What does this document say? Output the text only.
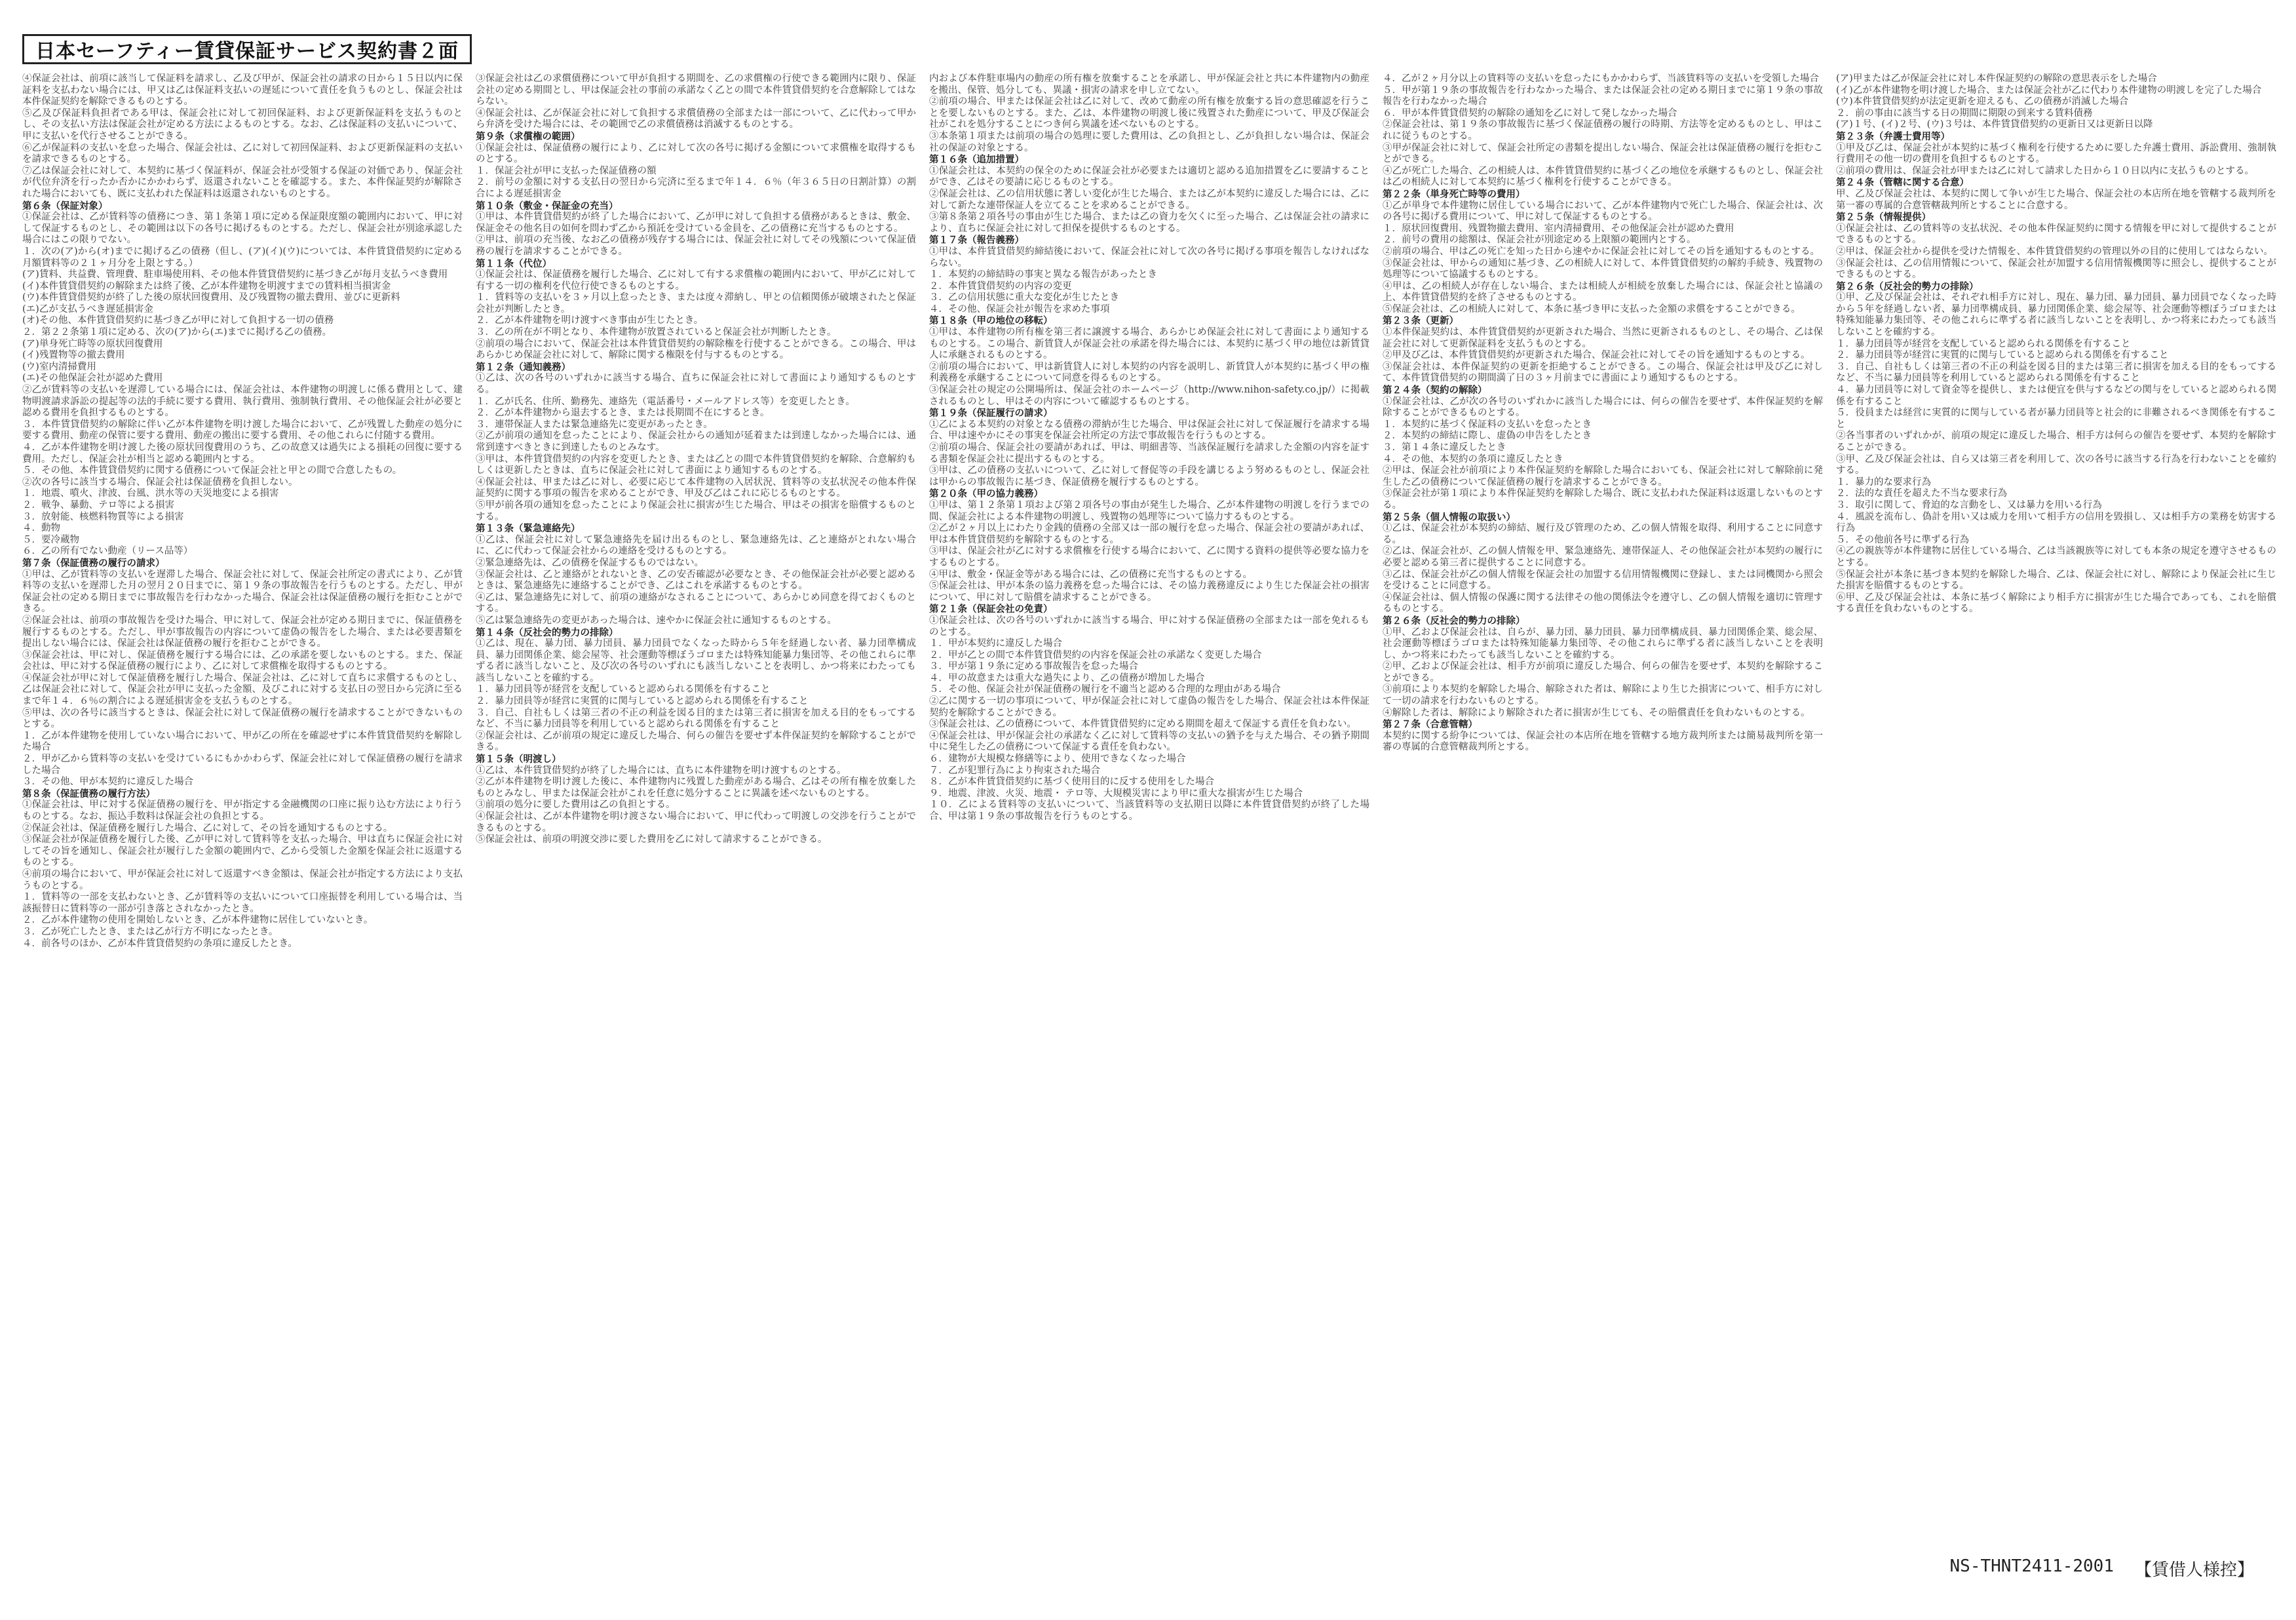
日本セーフティー賃貸保証サービス契約書２面

④保証会社は、前項に該当して保証料を請求し、乙及び甲が、保証会社の請求の日から１５日以内に保証料を支払わない場合には、甲又は乙は保証料支払いの遅延について責任を負うものとし、保証会社は本件保証契約を解除できるものとする。

⑤乙及び保証料負担者である甲は、保証会社に対して初回保証料、および更新保証料を支払うものとし、その支払い方法は保証会社が定める方法によるものとする。なお、乙は保証料の支払いについて、甲に支払いを代行させることができる。

⑥乙が保証料の支払いを怠った場合、保証会社は、乙に対して初回保証料、および更新保証料の支払いを請求できるものとする。

⑦乙は保証会社に対して、本契約に基づく保証料が、保証会社が受領する保証の対価であり、保証会社が代位弁済を行ったか否かにかかわらず、返還されないことを確認する。また、本件保証契約が解除された場合においても、既に支払われた保証料は返還されないものとする。

第６条（保証対象）

①保証会社は、乙が賃料等の債務につき、第１条第１項に定める保証限度額の範囲内において、甲に対して保証するものとし、その範囲は以下の各号に掲げるものとする。ただし、保証会社が別途承認した場合にはこの限りでない。

１．次の(ア)から(オ)までに掲げる乙の債務（但し、(ア)(イ)(ウ)については、本件賃貸借契約に定める月額賃料等の２１ヶ月分を上限とする。）

(ア)賃料、共益費、管理費、駐車場使用料、その他本件賃貸借契約に基づき乙が毎月支払うべき費用

(イ)本件賃貸借契約の解除または終了後、乙が本件建物を明渡すまでの賃料相当損害金

(ウ)本件賃貸借契約が終了した後の原状回復費用、及び残置物の撤去費用、並びに更新料

(エ)乙が支払うべき遅延損害金

(オ)その他、本件賃貸借契約に基づき乙が甲に対して負担する一切の債務

２．第２２条第１項に定める、次の(ア)から(エ)までに掲げる乙の債務。

(ア)単身死亡時等の原状回復費用

(イ)残置物等の撤去費用

(ウ)室内清掃費用

(エ)その他保証会社が認めた費用

②乙が賃料等の支払いを遅滞している場合には、保証会社は、本件建物の明渡しに係る費用として、建物明渡請求訴訟の提起等の法的手続に要する費用、執行費用、強制執行費用、その他保証会社が必要と認める費用を負担するものとする。

３．本件賃貸借契約の解除に伴い乙が本件建物を明け渡した場合において、乙が残置した動産の処分に要する費用、動産の保管に要する費用、動産の搬出に要する費用、その他これらに付随する費用。

４．乙が本件建物を明け渡した後の原状回復費用のうち、乙の故意又は過失による損耗の回復に要する費用。ただし、保証会社が相当と認める範囲内とする。

５．その他、本件賃貸借契約に関する債務について保証会社と甲との間で合意したもの。

②次の各号に該当する場合、保証会社は保証債務を負担しない。

１．地震、噴火、津波、台風、洪水等の天災地変による損害

２．戦争、暴動、テロ等による損害

３．放射能、核燃料物質等による損害

４．動物

５．要冷蔵物

６．乙の所有でない動産（リース品等）

第７条（保証債務の履行の請求）

①甲は、乙が賃料等の支払いを遅滞した場合、保証会社に対して、保証会社所定の書式により、乙が賃料等の支払いを遅滞した月の翌月２０日までに、第１９条の事故報告を行うものとする。ただし、甲が保証会社の定める期日までに事故報告を行わなかった場合、保証会社は保証債務の履行を拒むことができる。

②保証会社は、前項の事故報告を受けた場合、甲に対して、保証会社が定める期日までに、保証債務を履行するものとする。ただし、甲が事故報告の内容について虚偽の報告をした場合、または必要書類を提出しない場合には、保証会社は保証債務の履行を拒むことができる。

③保証会社は、甲に対し、保証債務を履行する場合には、乙の承諾を要しないものとする。また、保証会社は、甲に対する保証債務の履行により、乙に対して求償権を取得するものとする。

④保証会社が甲に対して保証債務を履行した場合、保証会社は、乙に対して直ちに求償するものとし、乙は保証会社に対して、保証会社が甲に支払った金額、及びこれに対する支払日の翌日から完済に至るまで年１４．６％の割合による遅延損害金を支払うものとする。

⑤甲は、次の各号に該当するときは、保証会社に対して保証債務の履行を請求することができないものとする。

１．乙が本件建物を使用していない場合において、甲が乙の所在を確認せずに本件賃貸借契約を解除した場合

２．甲が乙から賃料等の支払いを受けているにもかかわらず、保証会社に対して保証債務の履行を請求した場合

３．その他、甲が本契約に違反した場合

第８条（保証債務の履行方法）

①保証会社は、甲に対する保証債務の履行を、甲が指定する金融機関の口座に振り込む方法により行うものとする。なお、振込手数料は保証会社の負担とする。

②保証会社は、保証債務を履行した場合、乙に対して、その旨を通知するものとする。

③保証会社が保証債務を履行した後、乙が甲に対して賃料等を支払った場合、甲は直ちに保証会社に対してその旨を通知し、保証会社が履行した金額の範囲内で、乙から受領した金額を保証会社に返還するものとする。

④前項の場合において、甲が保証会社に対して返還すべき金額は、保証会社が指定する方法により支払うものとする。

１．賃料等の一部を支払わないとき、乙が賃料等の支払いについて口座振替を利用している場合は、当該振替日に賃料等の一部が引き落とされなかったとき。

２．乙が本件建物の使用を開始しないとき、乙が本件建物に居住していないとき。

３．乙が死亡したとき、または乙が行方不明になったとき。

４．前各号のほか、乙が本件賃貸借契約の条項に違反したとき。

③保証会社は乙の求償債務について甲が負担する期間を、乙の求償権の行使できる範囲内に限り、保証会社の定める期間とし、甲は保証会社の事前の承諾なく乙との間で本件賃貸借契約を合意解除してはならない。

④保証会社は、乙が保証会社に対して負担する求償債務の全部または一部について、乙に代わって甲から弁済を受けた場合には、その範囲で乙の求償債務は消滅するものとする。

第９条（求償権の範囲）

①保証会社は、保証債務の履行により、乙に対して次の各号に掲げる金額について求償権を取得するものとする。

１．保証会社が甲に支払った保証債務の額

２．前号の金額に対する支払日の翌日から完済に至るまで年１４．６％（年３６５日の日割計算）の割合による遅延損害金

第１０条（敷金・保証金の充当）

①甲は、本件賃貸借契約が終了した場合において、乙が甲に対して負担する債務があるときは、敷金、保証金その他名目の如何を問わず乙から預託を受けている金員を、乙の債務に充当するものとする。

②甲は、前項の充当後、なお乙の債務が残存する場合には、保証会社に対してその残額について保証債務の履行を請求することができる。

第１１条（代位）

①保証会社は、保証債務を履行した場合、乙に対して有する求償権の範囲内において、甲が乙に対して有する一切の権利を代位行使できるものとする。

１．賃料等の支払いを３ヶ月以上怠ったとき、または度々滞納し、甲との信頼関係が破壊されたと保証会社が判断したとき。

２．乙が本件建物を明け渡すべき事由が生じたとき。

３．乙の所在が不明となり、本件建物が放置されていると保証会社が判断したとき。

②前項の場合において、保証会社は本件賃貸借契約の解除権を行使することができる。この場合、甲はあらかじめ保証会社に対して、解除に関する権限を付与するものとする。

第１２条（通知義務）

①乙は、次の各号のいずれかに該当する場合、直ちに保証会社に対して書面により通知するものとする。

１．乙が氏名、住所、勤務先、連絡先（電話番号・メールアドレス等）を変更したとき。

２．乙が本件建物から退去するとき、または長期間不在にするとき。

３．連帯保証人または緊急連絡先に変更があったとき。

②乙が前項の通知を怠ったことにより、保証会社からの通知が延着または到達しなかった場合には、通常到達すべきときに到達したものとみなす。

③甲は、本件賃貸借契約の内容を変更したとき、または乙との間で本件賃貸借契約を解除、合意解約もしくは更新したときは、直ちに保証会社に対して書面により通知するものとする。

④保証会社は、甲または乙に対し、必要に応じて本件建物の入居状況、賃料等の支払状況その他本件保証契約に関する事項の報告を求めることができ、甲及び乙はこれに応じるものとする。

⑤甲が前各項の通知を怠ったことにより保証会社に損害が生じた場合、甲はその損害を賠償するものとする。

第１３条（緊急連絡先）

①乙は、保証会社に対して緊急連絡先を届け出るものとし、緊急連絡先は、乙と連絡がとれない場合に、乙に代わって保証会社からの連絡を受けるものとする。

②緊急連絡先は、乙の債務を保証するものではない。

③保証会社は、乙と連絡がとれないとき、乙の安否確認が必要なとき、その他保証会社が必要と認めるときは、緊急連絡先に連絡することができ、乙はこれを承諾するものとする。

④乙は、緊急連絡先に対して、前項の連絡がなされることについて、あらかじめ同意を得ておくものとする。

⑤乙は緊急連絡先の変更があった場合は、速やかに保証会社に通知するものとする。

第１４条（反社会的勢力の排除）

①乙は、現在、暴力団、暴力団員、暴力団員でなくなった時から５年を経過しない者、暴力団準構成員、暴力団関係企業、総会屋等、社会運動等標ぼうゴロまたは特殊知能暴力集団等、その他これらに準ずる者に該当しないこと、及び次の各号のいずれにも該当しないことを表明し、かつ将来にわたっても該当しないことを確約する。

１．暴力団員等が経営を支配していると認められる関係を有すること

２．暴力団員等が経営に実質的に関与していると認められる関係を有すること

３．自己、自社もしくは第三者の不正の利益を図る目的または第三者に損害を加える目的をもってするなど、不当に暴力団員等を利用していると認められる関係を有すること

②保証会社は、乙が前項の規定に違反した場合、何らの催告を要せず本件保証契約を解除することができる。

第１５条（明渡し）

①乙は、本件賃貸借契約が終了した場合には、直ちに本件建物を明け渡すものとする。

②乙が本件建物を明け渡した後に、本件建物内に残置した動産がある場合、乙はその所有権を放棄したものとみなし、甲または保証会社がこれを任意に処分することに異議を述べないものとする。

③前項の処分に要した費用は乙の負担とする。

④保証会社は、乙が本件建物を明け渡さない場合において、甲に代わって明渡しの交渉を行うことができるものとする。

⑤保証会社は、前項の明渡交渉に要した費用を乙に対して請求することができる。

内および本件駐車場内の動産の所有権を放棄することを承諾し、甲が保証会社と共に本件建物内の動産を搬出、保管、処分しても、異議・損害の請求を申し立てない。

②前項の場合、甲または保証会社は乙に対して、改めて動産の所有権を放棄する旨の意思確認を行うことを要しないものとする。また、乙は、本件建物の明渡し後に残置された動産について、甲及び保証会社がこれを処分することにつき何ら異議を述べないものとする。

③本条第１項または前項の場合の処理に要した費用は、乙の負担とし、乙が負担しない場合は、保証会社の保証の対象とする。

第１６条（追加措置）

①保証会社は、本契約の保全のために保証会社が必要または適切と認める追加措置を乙に要請することができ、乙はその要請に応じるものとする。

②保証会社は、乙の信用状態に著しい変化が生じた場合、または乙が本契約に違反した場合には、乙に対して新たな連帯保証人を立てることを求めることができる。

③第８条第２項各号の事由が生じた場合、または乙の資力を欠くに至った場合、乙は保証会社の請求により、直ちに保証会社に対して担保を提供するものとする。

第１７条（報告義務）

①甲は、本件賃貸借契約締結後において、保証会社に対して次の各号に掲げる事項を報告しなければならない。

１．本契約の締結時の事実と異なる報告があったとき

２．本件賃貸借契約の内容の変更

３．乙の信用状態に重大な変化が生じたとき

４．その他、保証会社が報告を求めた事項

第１８条（甲の地位の移転）

①甲は、本件建物の所有権を第三者に譲渡する場合、あらかじめ保証会社に対して書面により通知するものとする。この場合、新賃貸人が保証会社の承諾を得た場合には、本契約に基づく甲の地位は新賃貸人に承継されるものとする。

②前項の場合において、甲は新賃貸人に対し本契約の内容を説明し、新賃貸人が本契約に基づく甲の権利義務を承継することについて同意を得るものとする。

③保証会社の規定の公開場所は、保証会社のホームページ（http://www.nihon-safety.co.jp/）に掲載されるものとし、甲はその内容について確認するものとする。

第１９条（保証履行の請求）

①乙による本契約の対象となる債務の滞納が生じた場合、甲は保証会社に対して保証履行を請求する場合、甲は速やかにその事実を保証会社所定の方法で事故報告を行うものとする。

②前項の場合、保証会社の要請があれば、甲は、明細書等、当該保証履行を請求した金額の内容を証する書類を保証会社に提出するものとする。

③甲は、乙の債務の支払いについて、乙に対して督促等の手段を講じるよう努めるものとし、保証会社は甲からの事故報告に基づき、保証債務を履行するものとする。

第２０条（甲の協力義務）

①甲は、第１２条第１項および第２項各号の事由が発生した場合、乙が本件建物の明渡しを行うまでの間、保証会社による本件建物の明渡し、残置物の処理等について協力するものとする。

②乙が２ヶ月以上にわたり金銭的債務の全部又は一部の履行を怠った場合、保証会社の要請があれば、甲は本件賃貸借契約を解除するものとする。

③甲は、保証会社が乙に対する求償権を行使する場合において、乙に関する資料の提供等必要な協力をするものとする。

④甲は、敷金・保証金等がある場合には、乙の債務に充当するものとする。

⑤保証会社は、甲が本条の協力義務を怠った場合には、その協力義務違反により生じた保証会社の損害について、甲に対して賠償を請求することができる。

第２１条（保証会社の免責）

①保証会社は、次の各号のいずれかに該当する場合、甲に対する保証債務の全部または一部を免れるものとする。

１．甲が本契約に違反した場合

２．甲が乙との間で本件賃貸借契約の内容を保証会社の承諾なく変更した場合

３．甲が第１９条に定める事故報告を怠った場合

４．甲の故意または重大な過失により、乙の債務が増加した場合

５．その他、保証会社が保証債務の履行を不適当と認める合理的な理由がある場合

②乙に関する一切の事項について、甲が保証会社に対して虚偽の報告をした場合、保証会社は本件保証契約を解除することができる。

③保証会社は、乙の債務について、本件賃貸借契約に定める期間を超えて保証する責任を負わない。

④保証会社は、甲が保証会社の承諾なく乙に対して賃料等の支払いの猶予を与えた場合、その猶予期間中に発生した乙の債務について保証する責任を負わない。

６．建物が大規模な修繕等により、使用できなくなった場合

７．乙が犯罪行為により拘束された場合

８．乙が本件賃貸借契約に基づく使用目的に反する使用をした場合

９．地震、津波、火災、地震・ テロ等、大規模災害により甲に重大な損害が生じた場合

１０．乙による賃料等の支払いについて、当該賃料等の支払期日以降に本件賃貸借契約が終了した場合、甲は第１９条の事故報告を行うものとする。

４．乙が２ヶ月分以上の賃料等の支払いを怠ったにもかかわらず、当該賃料等の支払いを受領した場合

５．甲が第１９条の事故報告を行わなかった場合、または保証会社の定める期日までに第１９条の事故報告を行わなかった場合

６．甲が本件賃貸借契約の解除の通知を乙に対して発しなかった場合

②保証会社は、第１９条の事故報告に基づく保証債務の履行の時期、方法等を定めるものとし、甲はこれに従うものとする。

③甲が保証会社に対して、保証会社所定の書類を提出しない場合、保証会社は保証債務の履行を拒むことができる。

④乙が死亡した場合、乙の相続人は、本件賃貸借契約に基づく乙の地位を承継するものとし、保証会社は乙の相続人に対して本契約に基づく権利を行使することができる。

第２２条（単身死亡時等の費用）

①乙が単身で本件建物に居住している場合において、乙が本件建物内で死亡した場合、保証会社は、次の各号に掲げる費用について、甲に対して保証するものとする。

１．原状回復費用、残置物撤去費用、室内清掃費用、その他保証会社が認めた費用

２．前号の費用の総額は、保証会社が別途定める上限額の範囲内とする。

②前項の場合、甲は乙の死亡を知った日から速やかに保証会社に対してその旨を通知するものとする。

③保証会社は、甲からの通知に基づき、乙の相続人に対して、本件賃貸借契約の解約手続き、残置物の処理等について協議するものとする。

④甲は、乙の相続人が存在しない場合、または相続人が相続を放棄した場合には、保証会社と協議の上、本件賃貸借契約を終了させるものとする。

⑤保証会社は、乙の相続人に対して、本条に基づき甲に支払った金額の求償をすることができる。

第２３条（更新）

①本件保証契約は、本件賃貸借契約が更新された場合、当然に更新されるものとし、その場合、乙は保証会社に対して更新保証料を支払うものとする。

②甲及び乙は、本件賃貸借契約が更新された場合、保証会社に対してその旨を通知するものとする。

③保証会社は、本件保証契約の更新を拒絶することができる。この場合、保証会社は甲及び乙に対して、本件賃貸借契約の期間満了日の３ヶ月前までに書面により通知するものとする。

第２４条（契約の解除）

①保証会社は、乙が次の各号のいずれかに該当した場合には、何らの催告を要せず、本件保証契約を解除することができるものとする。

１．本契約に基づく保証料の支払いを怠ったとき

２．本契約の締結に際し、虚偽の申告をしたとき

３．第１４条に違反したとき

４．その他、本契約の条項に違反したとき

②甲は、保証会社が前項により本件保証契約を解除した場合においても、保証会社に対して解除前に発生した乙の債務について保証債務の履行を請求することができる。

③保証会社が第１項により本件保証契約を解除した場合、既に支払われた保証料は返還しないものとする。

第２５条（個人情報の取扱い）

①乙は、保証会社が本契約の締結、履行及び管理のため、乙の個人情報を取得、利用することに同意する。

②乙は、保証会社が、乙の個人情報を甲、緊急連絡先、連帯保証人、その他保証会社が本契約の履行に必要と認める第三者に提供することに同意する。

③乙は、保証会社が乙の個人情報を保証会社の加盟する信用情報機関に登録し、または同機関から照会を受けることに同意する。

④保証会社は、個人情報の保護に関する法律その他の関係法令を遵守し、乙の個人情報を適切に管理するものとする。

第２６条（反社会的勢力の排除）

①甲、乙および保証会社は、自らが、暴力団、暴力団員、暴力団準構成員、暴力団関係企業、総会屋、社会運動等標ぼうゴロまたは特殊知能暴力集団等、その他これらに準ずる者に該当しないことを表明し、かつ将来にわたっても該当しないことを確約する。

②甲、乙および保証会社は、相手方が前項に違反した場合、何らの催告を要せず、本契約を解除することができる。

③前項により本契約を解除した場合、解除された者は、解除により生じた損害について、相手方に対して一切の請求を行わないものとする。

④解除した者は、解除により解除された者に損害が生じても、その賠償責任を負わないものとする。

第２７条（合意管轄）

本契約に関する紛争については、保証会社の本店所在地を管轄する地方裁判所または簡易裁判所を第一審の専属的合意管轄裁判所とする。

(ア)甲または乙が保証会社に対し本件保証契約の解除の意思表示をした場合

(イ)乙が本件建物を明け渡した場合、または保証会社が乙に代わり本件建物の明渡しを完了した場合

(ウ)本件賃貸借契約が法定更新を迎えるも、乙の債務が消滅した場合

２．前の事由に該当する日の期間に期限の到来する賃料債務

(ア)１号、(イ)２号、(ウ)３号は、本件賃貸借契約の更新日又は更新日以降

第２３条（弁護士費用等）

①甲及び乙は、保証会社が本契約に基づく権利を行使するために要した弁護士費用、訴訟費用、強制執行費用その他一切の費用を負担するものとする。

②前項の費用は、保証会社が甲または乙に対して請求した日から１０日以内に支払うものとする。

第２４条（管轄に関する合意）

甲、乙及び保証会社は、本契約に関して争いが生じた場合、保証会社の本店所在地を管轄する裁判所を第一審の専属的合意管轄裁判所とすることに合意する。

第２５条（情報提供）

①保証会社は、乙の賃料等の支払状況、その他本件保証契約に関する情報を甲に対して提供することができるものとする。

②甲は、保証会社から提供を受けた情報を、本件賃貸借契約の管理以外の目的に使用してはならない。

③保証会社は、乙の信用情報について、保証会社が加盟する信用情報機関等に照会し、提供することができるものとする。

第２６条（反社会的勢力の排除）

①甲、乙及び保証会社は、それぞれ相手方に対し、現在、暴力団、暴力団員、暴力団員でなくなった時から５年を経過しない者、暴力団準構成員、暴力団関係企業、総会屋等、社会運動等標ぼうゴロまたは特殊知能暴力集団等、その他これらに準ずる者に該当しないことを表明し、かつ将来にわたっても該当しないことを確約する。

１．暴力団員等が経営を支配していると認められる関係を有すること

２．暴力団員等が経営に実質的に関与していると認められる関係を有すること

３．自己、自社もしくは第三者の不正の利益を図る目的または第三者に損害を加える目的をもってするなど、不当に暴力団員等を利用していると認められる関係を有すること

４．暴力団員等に対して資金等を提供し、または便宜を供与するなどの関与をしていると認められる関係を有すること

５．役員または経営に実質的に関与している者が暴力団員等と社会的に非難されるべき関係を有すること

②各当事者のいずれかが、前項の規定に違反した場合、相手方は何らの催告を要せず、本契約を解除することができる。

③甲、乙及び保証会社は、自ら又は第三者を利用して、次の各号に該当する行為を行わないことを確約する。

１．暴力的な要求行為

２．法的な責任を超えた不当な要求行為

３．取引に関して、脅迫的な言動をし、又は暴力を用いる行為

４．風説を流布し、偽計を用い又は威力を用いて相手方の信用を毀損し、又は相手方の業務を妨害する行為

５．その他前各号に準ずる行為

④乙の親族等が本件建物に居住している場合、乙は当該親族等に対しても本条の規定を遵守させるものとする。

⑤保証会社が本条に基づき本契約を解除した場合、乙は、保証会社に対し、解除により保証会社に生じた損害を賠償するものとする。

⑥甲、乙及び保証会社は、本条に基づく解除により相手方に損害が生じた場合であっても、これを賠償する責任を負わないものとする。

NS-THNT2411-2001 【賃借人様控】
